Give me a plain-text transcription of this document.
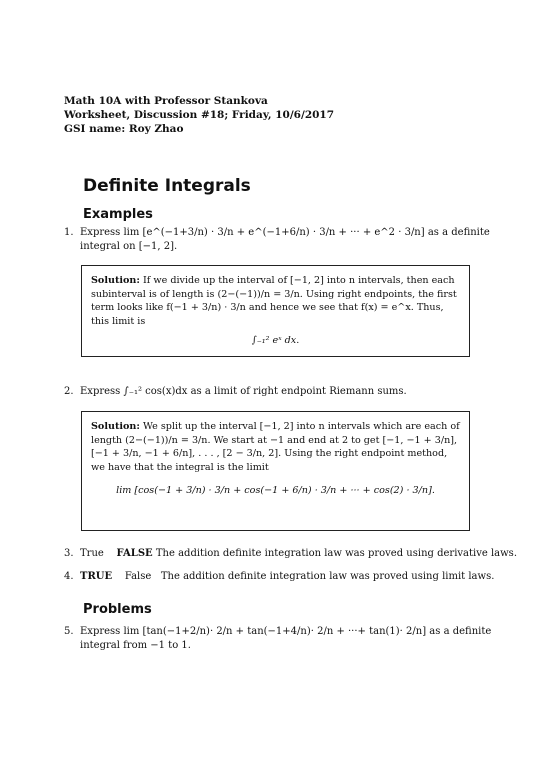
Math 10A with Professor Stankova
Worksheet, Discussion #18; Friday, 10/6/2017
GSI name: Roy Zhao
Definite Integrals
Examples
1. Express lim [e^(−1+3/n) · 3/n + e^(−1+6/n) · 3/n + ··· + e^2 · 3/n] as a definite integral on [−1, 2].
Solution: If we divide up the interval of [−1, 2] into n intervals, then each subinterval is of length is (2−(−1))/n = 3/n. Using right endpoints, the first term looks like f(−1 + 3/n) · 3/n and hence we see that f(x) = e^x. Thus, this limit is
∫₋₁² eˣ dx.
2. Express ∫₋₁² cos(x)dx as a limit of right endpoint Riemann sums.
Solution: We split up the interval [−1, 2] into n intervals which are each of length (2−(−1))/n = 3/n. We start at −1 and end at 2 to get [−1, −1 + 3/n], [−1 + 3/n, −1 + 6/n], . . . , [2 − 3/n, 2]. Using the right endpoint method, we have that the integral is the limit
lim [cos(−1 + 3/n) · 3/n + cos(−1 + 6/n) · 3/n + ··· + cos(2) · 3/n].
3. True FALSE The addition definite integration law was proved using derivative laws.
4. TRUE False The addition definite integration law was proved using limit laws.
Problems
5. Express lim [tan(−1+2/n)· 2/n + tan(−1+4/n)· 2/n + ···+ tan(1)· 2/n] as a definite integral from −1 to 1.
